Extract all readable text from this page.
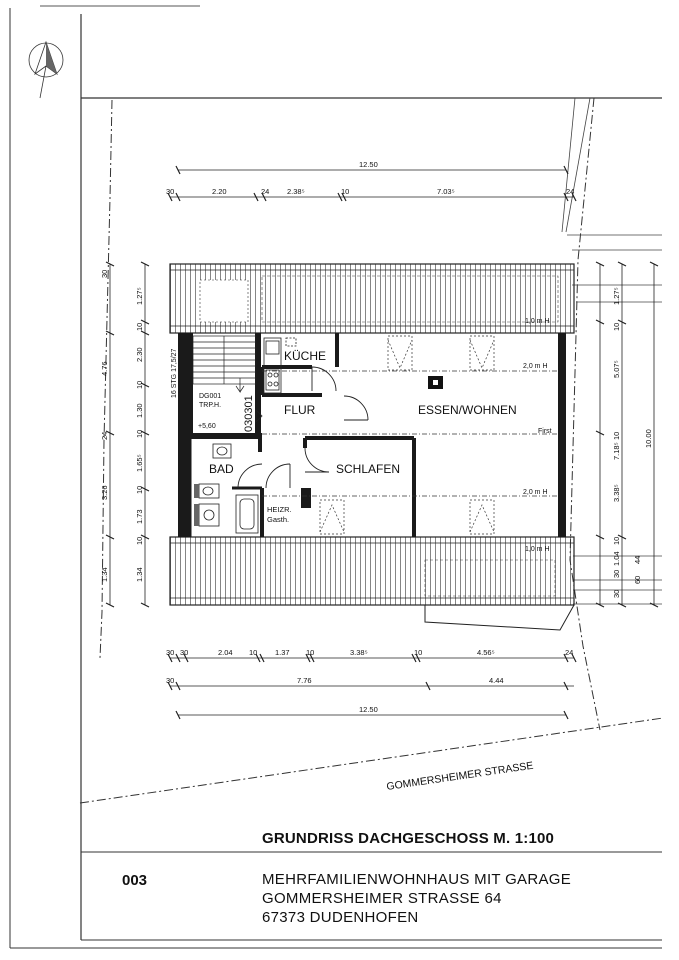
KÜCHE
FLUR	ESSEN/WOHNEN
BAD	SCHLAFEN
HEIZR.
Gasth.
16 STG 17,5/27	DG001
TRP.H.
+5,60 030301
1,0 m H
2,0 m H
First
2,0 m H
1,0 m H
12.50
30	2.20	24 2.38⁵	10	7.03⁵	24
30 30	2.04 10 1.37 10	3.38⁵	10	4.56⁵	24
30	7.76	4.44
12.50
30
4.76
24
3.26
1.34
1.27⁵
10
2.30
10
1.30
10
1.65⁵
10
1.73
10
1.34
1.27⁵
10
5.07⁵
10
3.38⁵
10
1.04
30
60
44
30
7.18⁵
10.00
GOMMERSHEIMER STRASSE
GRUNDRISS DACHGESCHOSS M. 1:100
003	MEHRFAMILIENWOHNHAUS MIT GARAGE
GOMMERSHEIMER STRASSE 64
67373 DUDENHOFEN
